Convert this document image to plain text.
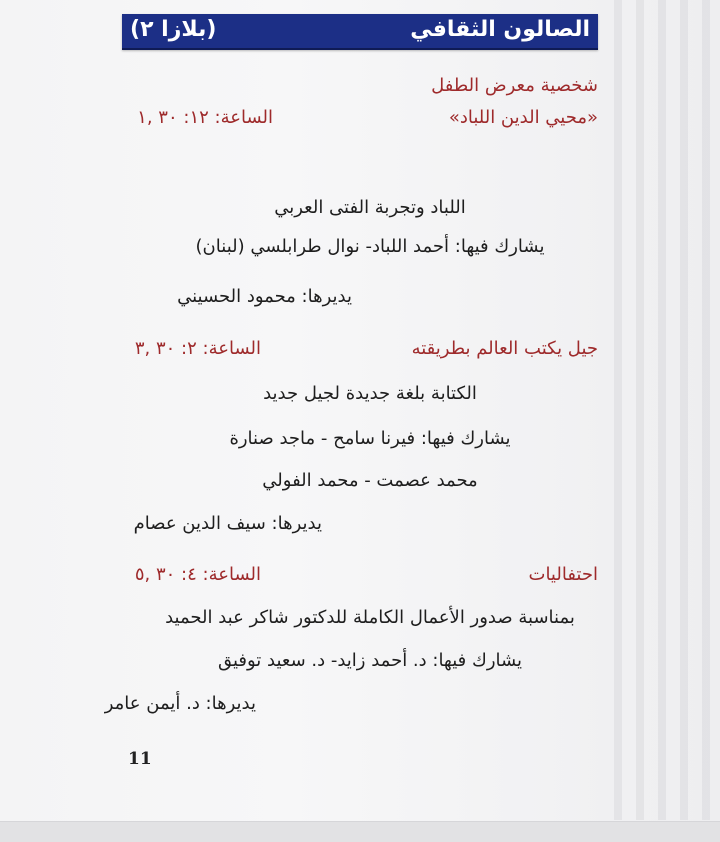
الصالون الثقافي
(بلازا ٢)
شخصية معرض الطفل
«محيي الدين اللباد»
الساعة: ١٢: ٣٠ ,١
اللباد وتجربة الفتى العربي
يشارك فيها: أحمد اللباد- نوال طرابلسي (لبنان)
يديرها: محمود الحسيني
جيل يكتب العالم بطريقته
الساعة: ٢: ٣٠ ,٣
الكتابة بلغة جديدة لجيل جديد
يشارك فيها: فيرنا سامح - ماجد صنارة
محمد عصمت - محمد الفولي
يديرها: سيف الدين عصام
احتفاليات
الساعة: ٤: ٣٠ ,٥
بمناسبة صدور الأعمال الكاملة للدكتور شاكر عبد الحميد
يشارك فيها: د. أحمد زايد- د. سعيد توفيق
يديرها: د. أيمن عامر
11
